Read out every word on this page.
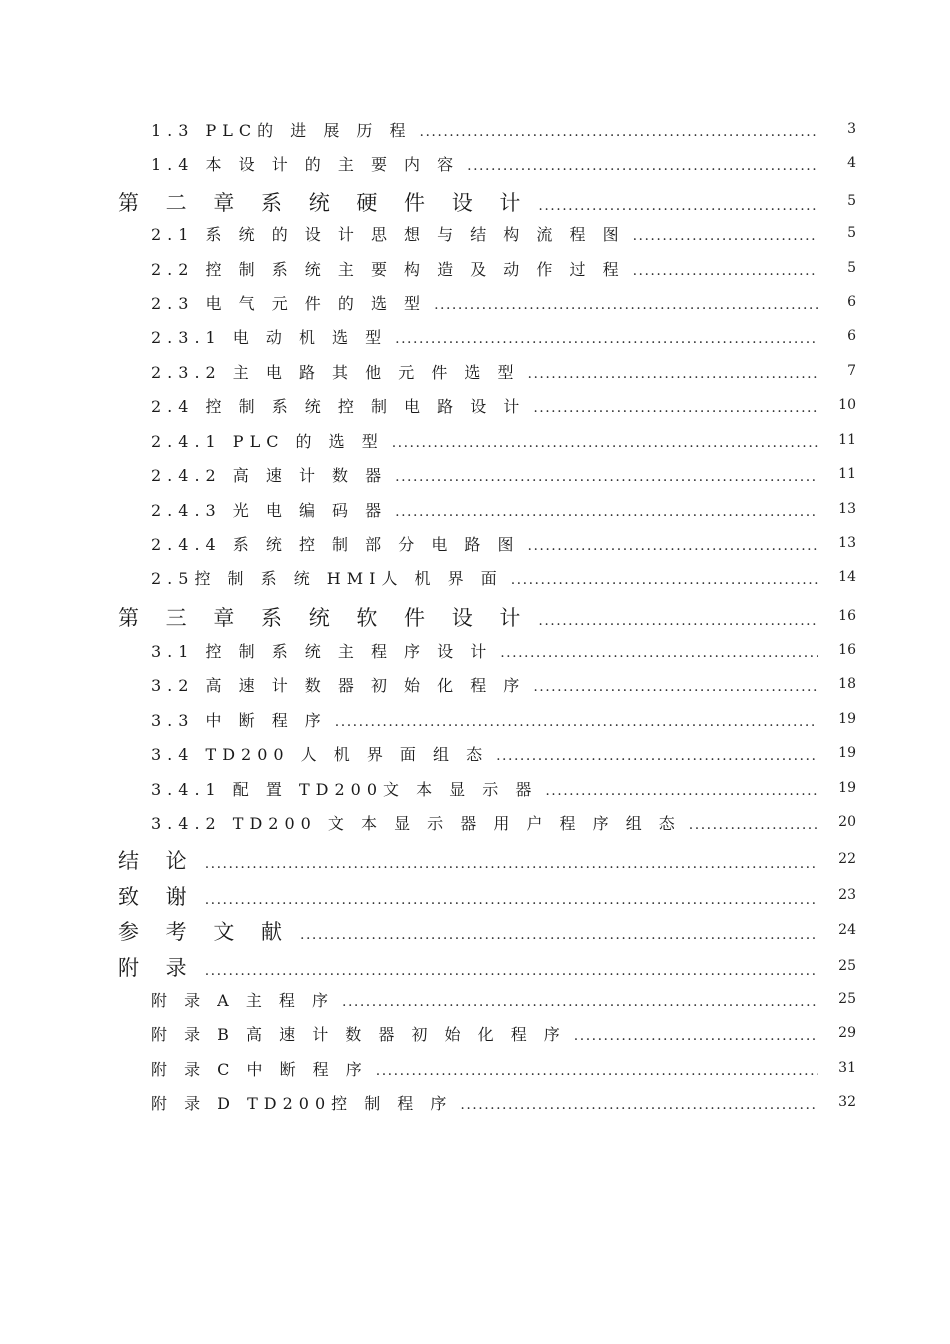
1.3 PLC的 进 展 历 程 .....	3
1.4 本 设 计 的 主 要 内 容 .....	4
第 二 章 系 统 硬 件 设 计 .....	5
2.1 系 统 的 设 计 思 想 与 结 构 流 程 图 .....	5
2.2 控 制 系 统 主 要 构 造 及 动 作 过 程 .....	5
2.3 电 气 元 件 的 选 型 .....	6
2.3.1 电 动 机 选 型 .....	6
2.3.2 主 电 路 其 他 元 件 选 型 .....	7
2.4 控 制 系 统 控 制 电 路 设 计 .....	10
2.4.1 PLC 的 选 型 .....	11
2.4.2 高 速 计 数 器 .....	11
2.4.3 光 电 编 码 器 .....	13
2.4.4 系 统 控 制 部 分 电 路 图 .....	13
2.5控 制 系 统 HMI人 机 界 面 .....	14
第 三 章 系 统 软 件 设 计 .....	16
3.1 控 制 系 统 主 程 序 设 计 .....	16
3.2 高 速 计 数 器 初 始 化 程 序 .....	18
3.3 中 断 程 序 .....	19
3.4 TD200 人 机 界 面 组 态 .....	19
3.4.1 配 置 TD200文 本 显 示 器 .....	19
3.4.2 TD200 文 本 显 示 器 用 户 程 序 组 态 .....	20
结 论 .....	22
致 谢 .....	23
参 考 文 献 .....	24
附 录 .....	25
附 录 A 主 程 序 .....	25
附 录 B 高 速 计 数 器 初 始 化 程 序 .....	29
附 录 C 中 断 程 序 .....	31
附 录 D TD200控 制 程 序 .....	32
